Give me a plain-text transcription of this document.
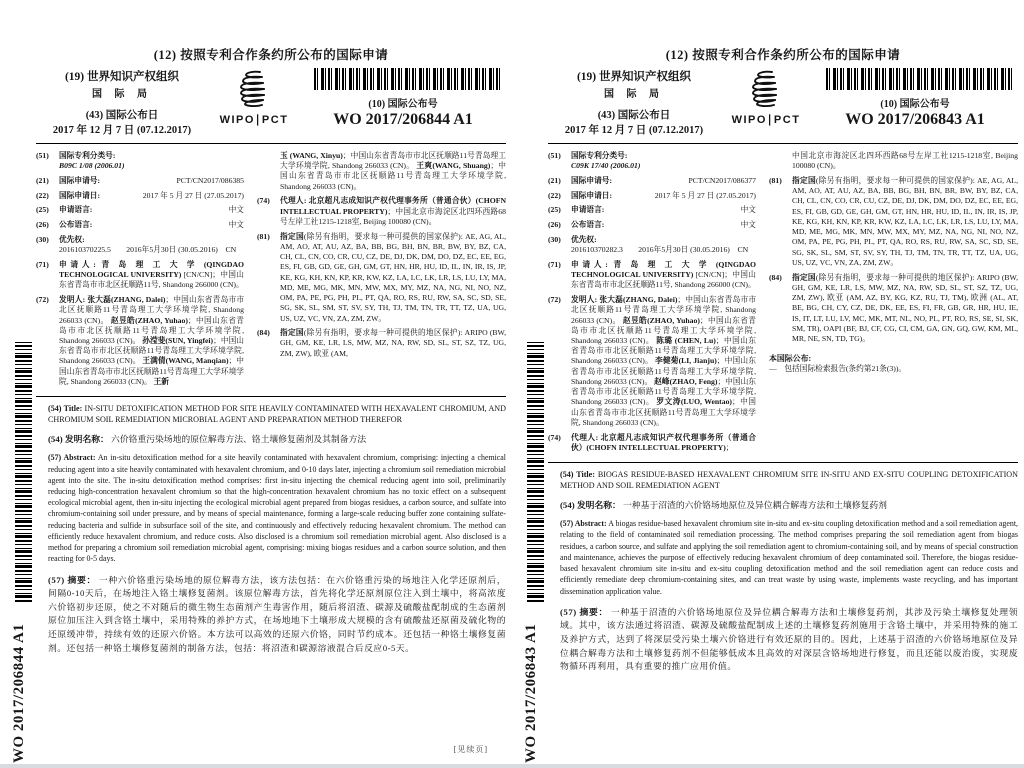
WO 2017/206844 A1	[见续页]
(12) 按照专利合作条约所公布的国际申请
(19) 世界知识产权组织
国 际 局
(43) 国际公布日
2017 年 12 月 7 日 (07.12.2017)
WIPO∣PCT
(10) 国际公布号
WO 2017/206844 A1
(51)	国际专利分类号:
B09C 1/08 (2006.01)
(21)	国际申请号:	PCT/CN2017/086385
(22)	国际申请日:	2017 年 5 月 27 日 (27.05.2017)
(25)	申请语言:	中文
(26)	公布语言:	中文
(30)	优先权:
201610370225.5        2016年5月30日 (30.05.2016)    CN
(71)	申请人: 青 岛 理 工 大 学 (QINGDAO TECHNOLOGICAL UNIVERSITY) [CN/CN]；中国山东省青岛市市北区抚顺路11号, Shandong 266000 (CN)。
(72)	发明人: 张大磊(ZHANG, Dalei)；中国山东省青岛市市北区抚顺路11号青岛理工大学环境学院, Shandong 266033 (CN)。 赵昱皓(ZHAO, Yuhao)；中国山东省青岛市市北区抚顺路11号青岛理工大学环境学院, Shandong 266033 (CN)。 孙滢斐(SUN, Yingfei)；中国山东省青岛市市北区抚顺路11号青岛理工大学环境学院, Shandong 266033 (CN)。 王满倩(WANG, Manqian)；中国山东省青岛市市北区抚顺路11号青岛理工大学环境学院, Shandong 266033 (CN)。 王新
玉 (WANG, Xinyu)；中国山东省青岛市市北区抚顺路11号青岛理工大学环境学院, Shandong 266033 (CN)。 王爽(WANG, Shuang)；中国山东省青岛市市北区抚顺路11号青岛理工大学环境学院, Shandong 266033 (CN)。
(74)	代理人: 北京超凡志成知识产权代理事务所（普通合伙）(CHOFN INTELLECTUAL PROPERTY)；中国北京市海淀区北四环西路68号左岸工社1215-1218室, Beijing 100080 (CN)。
(81)	指定国(除另有指明，要求每一种可提供的国家保护): AE, AG, AL, AM, AO, AT, AU, AZ, BA, BB, BG, BH, BN, BR, BW, BY, BZ, CA, CH, CL, CN, CO, CR, CU, CZ, DE, DJ, DK, DM, DO, DZ, EC, EE, EG, ES, FI, GB, GD, GE, GH, GM, GT, HN, HR, HU, ID, IL, IN, IR, IS, JP, KE, KG, KH, KN, KP, KR, KW, KZ, LA, LC, LK, LR, LS, LU, LY, MA, MD, ME, MG, MK, MN, MW, MX, MY, MZ, NA, NG, NI, NO, NZ, OM, PA, PE, PG, PH, PL, PT, QA, RO, RS, RU, RW, SA, SC, SD, SE, SG, SK, SL, SM, ST, SV, SY, TH, TJ, TM, TN, TR, TT, TZ, UA, UG, US, UZ, VC, VN, ZA, ZM, ZW。
(84)	指定国(除另有指明，要求每一种可提供的地区保护): ARIPO (BW, GH, GM, KE, LR, LS, MW, MZ, NA, RW, SD, SL, ST, SZ, TZ, UG, ZM, ZW), 欧亚 (AM,

(54) Title: IN-SITU DETOXIFICATION METHOD FOR SITE HEAVILY CONTAMINATED WITH HEXAVALENT CHROMIUM, AND CHROMIUM SOIL REMEDIATION MICROBIAL AGENT AND PREPARATION METHOD THEREFOR

(54) 发明名称： 六价铬重污染场地的原位解毒方法、铬土壤修复菌剂及其制备方法

(57) Abstract: An in-situ detoxification method for a site heavily contaminated with hexavalent chromium, comprising: injecting a chemical reducing agent into a site heavily contaminated with hexavalent chromium, and 0-10 days later, injecting a chromium soil remediation microbial agent into the site. The in-situ detoxification method comprises: first in-situ injecting the chemical reducing agent into soil, preliminarily reducing high-concentration hexavalent chromium so that the high-concentration hexavalent chromium has no toxic effect on a subsequent ecological microbial agent, then in-situ injecting the ecological microbial agent prepared from biogas residues, a carbon source, and sulfate into chromium-containing soil under pressure, and by means of special maintenance, forming a large-scale reducing buffer zone containing sulfate-reducing bacteria and sulfide in subsurface soil of the site, and continuously and effectively reducing hexavalent chromium. The method can efficiently reduce hexavalent chromium, and reduce costs. Also disclosed is a chromium soil remediation microbial agent. Also disclosed is a method for preparing a chromium soil remediation microbial agent, comprising: mixing biogas residues and a carbon source solution, and then reacting for 0-5 days.

(57) 摘要： 一种六价铬重污染场地的原位解毒方法，该方法包括：在六价铬重污染的场地注入化学还原剂后，间隔0-10天后，在场地注入铬土壤修复菌剂。该原位解毒方法，首先将化学还原剂原位注入到土壤中，将高浓度六价铬初步还原，使之不对随后的微生物生态菌剂产生毒害作用，随后将沼渣、碳源及硫酸盐配制成的生态菌剂原位加压注入到含铬土壤中，采用特殊的养护方式，在场地地下土壤形成大规模的含有硫酸盐还原菌及硫化物的还原缓冲带，持续有效的还原六价铬。本方法可以高效的还原六价铬，同时节约成本。还包括一种铬土壤修复菌剂。还包括一种铬土壤修复菌剂的制备方法，包括：将沼渣和碳源溶液混合后反应0-5天。	WO 2017/206843 A1
(12) 按照专利合作条约所公布的国际申请
(19) 世界知识产权组织
国 际 局
(43) 国际公布日
2017 年 12 月 7 日 (07.12.2017)
WIPO∣PCT
(10) 国际公布号
WO 2017/206843 A1
(51)	国际专利分类号:
C09K 17/40 (2006.01)
(21)	国际申请号:	PCT/CN2017/086377
(22)	国际申请日:	2017 年 5 月 27 日 (27.05.2017)
(25)	申请语言:	中文
(26)	公布语言:	中文
(30)	优先权:
201610370282.3        2016年5月30日 (30.05.2016)    CN
(71)	申请人: 青 岛 理 工 大 学 (QINGDAO TECHNOLOGICAL UNIVERSITY) [CN/CN]；中国山东省青岛市市北区抚顺路11号, Shandong 266000 (CN)。
(72)	发明人: 张大磊(ZHANG, Dalei)；中国山东省青岛市市北区抚顺路11号青岛理工大学环境学院, Shandong 266033 (CN)。 赵昱皓(ZHAO, Yuhao)；中国山东省青岛市市北区抚顺路11号青岛理工大学环境学院, Shandong 266033 (CN)。 陈璐 (CHEN, Lu)；中国山东省青岛市市北区抚顺路11号青岛理工大学环境学院, Shandong 266033 (CN)。 李健菊(LI, Jianju)；中国山东省青岛市市北区抚顺路11号青岛理工大学环境学院, Shandong 266033 (CN)。 赵峰(ZHAO, Feng)；中国山东省青岛市市北区抚顺路11号青岛理工大学环境学院, Shandong 266033 (CN)。 罗文涛(LUO, Wentao)；中国山东省青岛市市北区抚顺路11号青岛理工大学环境学院, Shandong 266033 (CN)。
(74)	代理人: 北京超凡志成知识产权代理事务所（普通合伙）(CHOFN INTELLECTUAL PROPERTY)；
中国北京市海淀区北四环西路68号左岸工社1215-1218室, Beijing 100080 (CN)。
(81)	指定国(除另有指明，要求每一种可提供的国家保护): AE, AG, AL, AM, AO, AT, AU, AZ, BA, BB, BG, BH, BN, BR, BW, BY, BZ, CA, CH, CL, CN, CO, CR, CU, CZ, DE, DJ, DK, DM, DO, DZ, EC, EE, EG, ES, FI, GB, GD, GE, GH, GM, GT, HN, HR, HU, ID, IL, IN, IR, IS, JP, KE, KG, KH, KN, KP, KR, KW, KZ, LA, LC, LK, LR, LS, LU, LY, MA, MD, ME, MG, MK, MN, MW, MX, MY, MZ, NA, NG, NI, NO, NZ, OM, PA, PE, PG, PH, PL, PT, QA, RO, RS, RU, RW, SA, SC, SD, SE, SG, SK, SL, SM, ST, SV, SY, TH, TJ, TM, TN, TR, TT, TZ, UA, UG, US, UZ, VC, VN, ZA, ZM, ZW。
(84)	指定国(除另有指明，要求每一种可提供的地区保护): ARIPO (BW, GH, GM, KE, LR, LS, MW, MZ, NA, RW, SD, SL, ST, SZ, TZ, UG, ZM, ZW), 欧亚 (AM, AZ, BY, KG, KZ, RU, TJ, TM), 欧洲 (AL, AT, BE, BG, CH, CY, CZ, DE, DK, EE, ES, FI, FR, GB, GR, HR, HU, IE, IS, IT, LT, LU, LV, MC, MK, MT, NL, NO, PL, PT, RO, RS, SE, SI, SK, SM, TR), OAPI (BF, BJ, CF, CG, CI, CM, GA, GN, GQ, GW, KM, ML, MR, NE, SN, TD, TG)。
本国际公布:
—    包括国际检索报告(条约第21条(3))。

(54) Title: BIOGAS RESIDUE-BASED HEXAVALENT CHROMIUM SITE IN-SITU AND EX-SITU COUPLING DETOXIFICATION METHOD AND SOIL REMEDIATION AGENT

(54) 发明名称： 一种基于沼渣的六价铬场地原位及异位耦合解毒方法和土壤修复药剂

(57) Abstract: A biogas residue-based hexavalent chromium site in-situ and ex-situ coupling detoxification method and a soil remediation agent, relating to the field of contaminated soil remediation processing. The method comprises preparing the soil remediation agent from biogas residues, a carbon source, and sulfate and applying the soil remediation agent to chromium-containing soil, and by means of special construction and maintenance, achieves the purpose of effectively reducing hexavalent chromium of deep contaminated soil. Therefore, the biogas residue-based hexavalent chromium site in-situ and ex-situ coupling detoxification method and the soil remediation agent can reduce costs and efficiently remediate deep chromium-containing sites, and can treat waste by using waste, implements waste recycling, and has important dissemination application value.

(57) 摘要： 一种基于沼渣的六价铬场地原位及异位耦合解毒方法和土壤修复药剂，其涉及污染土壤修复处理领域。其中，该方法通过将沼渣、碳源及硫酸盐配制成上述的土壤修复药剂施用于含铬土壤中，并采用特殊的施工及养护方式，达到了将深层受污染土壤六价铬进行有效还原的目的。因此，上述基于沼渣的六价铬场地原位及异位耦合解毒方法和土壤修复药剂不但能够低成本且高效的对深层含铬场地进行修复，而且还能以废治废，实现废物循环再利用，具有重要的推广应用价值。
